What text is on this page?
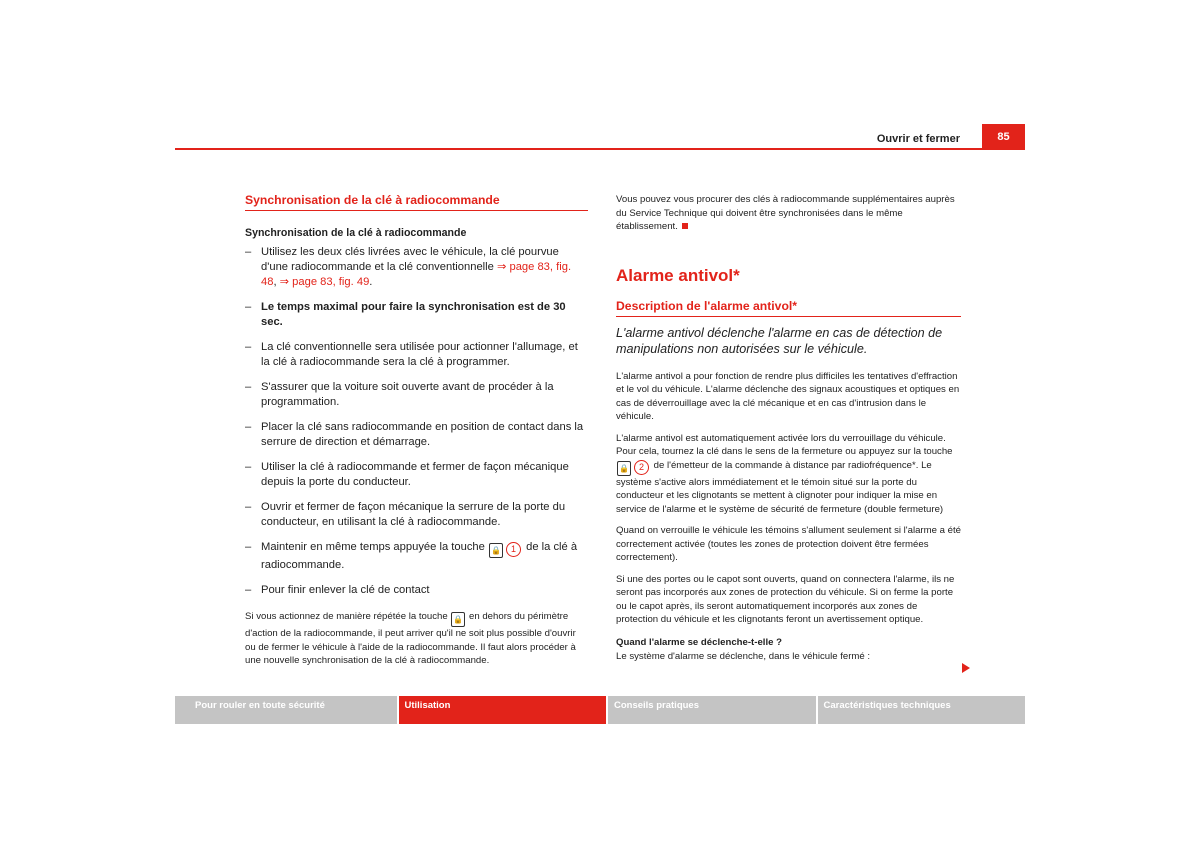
Ouvrir et fermer	85
Synchronisation de la clé à radiocommande
Synchronisation de la clé à radiocommande
– Utilisez les deux clés livrées avec le véhicule, la clé pourvue d'une radiocommande et la clé conventionnelle ⇒ page 83, fig. 48, ⇒ page 83, fig. 49.
– Le temps maximal pour faire la synchronisation est de 30 sec.
– La clé conventionnelle sera utilisée pour actionner l'allumage, et la clé à radiocommande sera la clé à programmer.
– S'assurer que la voiture soit ouverte avant de procéder à la programmation.
– Placer la clé sans radiocommande en position de contact dans la serrure de direction et démarrage.
– Utiliser la clé à radiocommande et fermer de façon mécanique depuis la porte du conducteur.
– Ouvrir et fermer de façon mécanique la serrure de la porte du conducteur, en utilisant la clé à radiocommande.
– Maintenir en même temps appuyée la touche 🔒 1 de la clé à radiocommande.
– Pour finir enlever la clé de contact

Si vous actionnez de manière répétée la touche 🔒 en dehors du périmètre d'action de la radiocommande, il peut arriver qu'il ne soit plus possible d'ouvrir ou de fermer le véhicule à l'aide de la radiocommande. Il faut alors procéder à une nouvelle synchronisation de la clé à radiocommande.

Vous pouvez vous procurer des clés à radiocommande supplémentaires auprès du Service Technique qui doivent être synchronisées dans le même établissement.

Alarme antivol*
Description de l'alarme antivol*

L'alarme antivol déclenche l'alarme en cas de détection de manipulations non autorisées sur le véhicule.

L'alarme antivol a pour fonction de rendre plus difficiles les tentatives d'effraction et le vol du véhicule. L'alarme déclenche des signaux acoustiques et optiques en cas de déverrouillage avec la clé mécanique et en cas d'intrusion dans le véhicule.

L'alarme antivol est automatiquement activée lors du verrouillage du véhicule. Pour cela, tournez la clé dans le sens de la fermeture ou appuyez sur la touche 🔒 2 de l'émetteur de la commande à distance par radiofréquence*. Le système s'active alors immédiatement et le témoin situé sur la porte du conducteur et les clignotants se mettent à clignoter pour indiquer la mise en service de l'alarme et le système de sécurité de fermeture (double fermeture)

Quand on verrouille le véhicule les témoins s'allument seulement si l'alarme a été correctement activée (toutes les zones de protection doivent être fermées correctement).

Si une des portes ou le capot sont ouverts, quand on connectera l'alarme, ils ne seront pas incorporés aux zones de protection du véhicule. Si on ferme la porte ou le capot après, ils seront automatiquement incorporés aux zones de protection du véhicule et les clignotants feront un avertissement optique.

Quand l'alarme se déclenche-t-elle ?

Le système d'alarme se déclenche, dans le véhicule fermé :

Pour rouler en toute sécurité	Utilisation	Conseils pratiques	Caractéristiques techniques
